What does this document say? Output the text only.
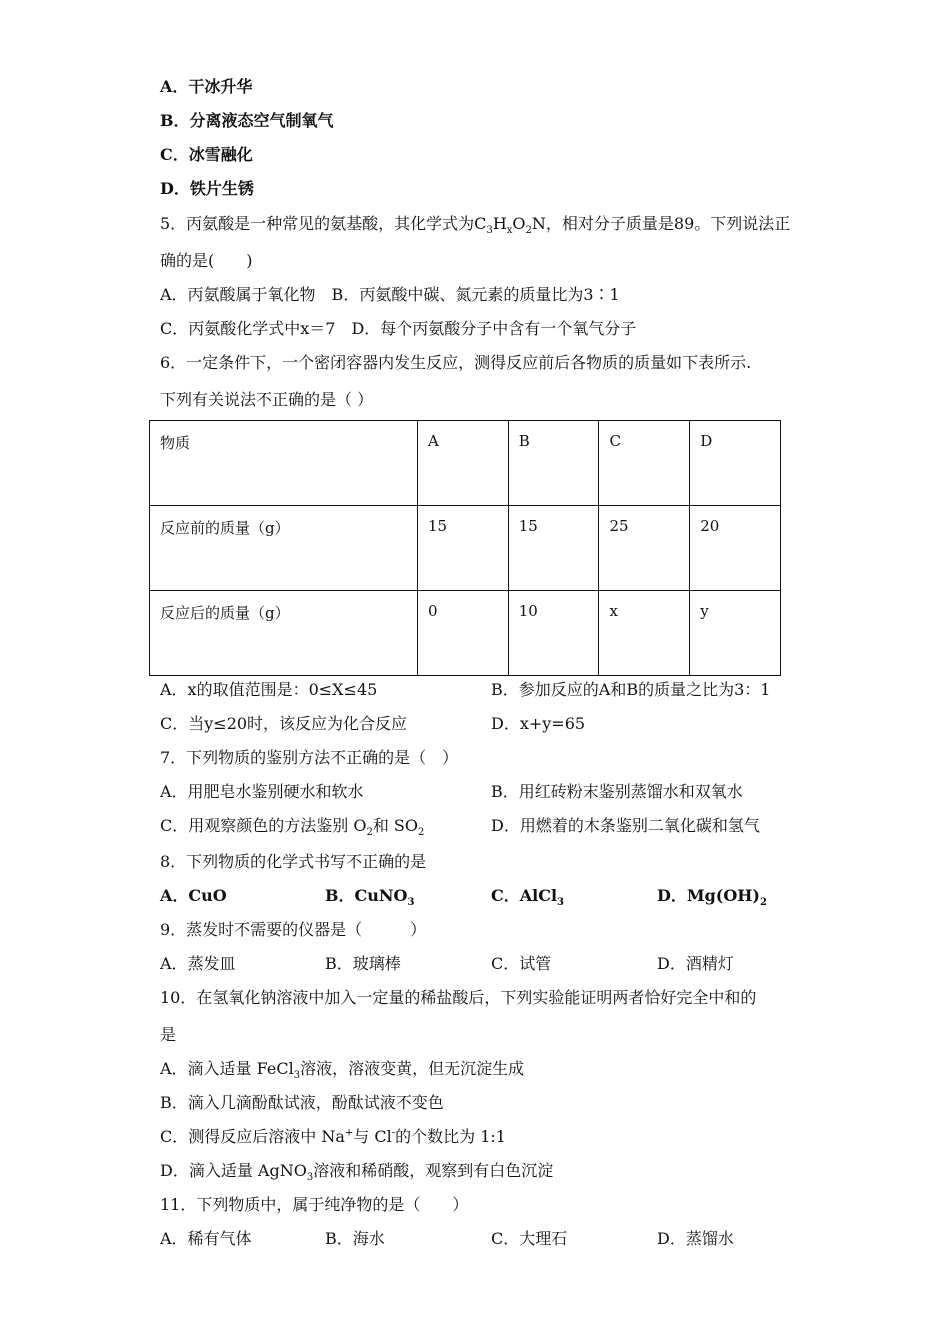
A．干冰升华
B．分离液态空气制氧气
C．冰雪融化
D．铁片生锈
5．丙氨酸是一种常见的氨基酸，其化学式为$C_3H_xO_2N$，相对分子质量是89。下列说法正
确的是(　　)
A．丙氨酸属于氧化物　B．丙氨酸中碳、氮元素的质量比为3∶1
C．丙氨酸化学式中x＝7　D．每个丙氨酸分子中含有一个氧气分子
6．一定条件下，一个密闭容器内发生反应，测得反应前后各物质的质量如下表所示.
下列有关说法不正确的是（ ）
物质	A	B	C	D
反应前的质量（g）	15	15	25	20
反应后的质量（g）	0	10	x	y
A．x的取值范围是：0≤X≤45	B．参加反应的A和B的质量之比为3：1
C．当y≤20时，该反应为化合反应	D．x+y=65
7．下列物质的鉴别方法不正确的是（　）
A．用肥皂水鉴别硬水和软水	B．用红砖粉末鉴别蒸馏水和双氧水
C．用观察颜色的方法鉴别 $O_2$和 $SO_2$	D．用燃着的木条鉴别二氧化碳和氢气
8．下列物质的化学式书写不正确的是
A．CuO	B．CuNO$_3$	C．AlCl$_3$	D．$Mg(OH)_2$
9．蒸发时不需要的仪器是（　　　）
A．蒸发皿	B．玻璃棒	C．试管	D．酒精灯
10．在氢氧化钠溶液中加入一定量的稀盐酸后，下列实验能证明两者恰好完全中和的
是
A．滴入适量 FeCl$_3$溶液，溶液变黄，但无沉淀生成
B．滴入几滴酚酞试液，酚酞试液不变色
C．测得反应后溶液中 Na+与 Cl-的个数比为 1:1
D．滴入适量 AgNO$_3$溶液和稀硝酸，观察到有白色沉淀
11．下列物质中，属于纯净物的是（　　）
A．稀有气体	B．海水	C．大理石	D．蒸馏水
